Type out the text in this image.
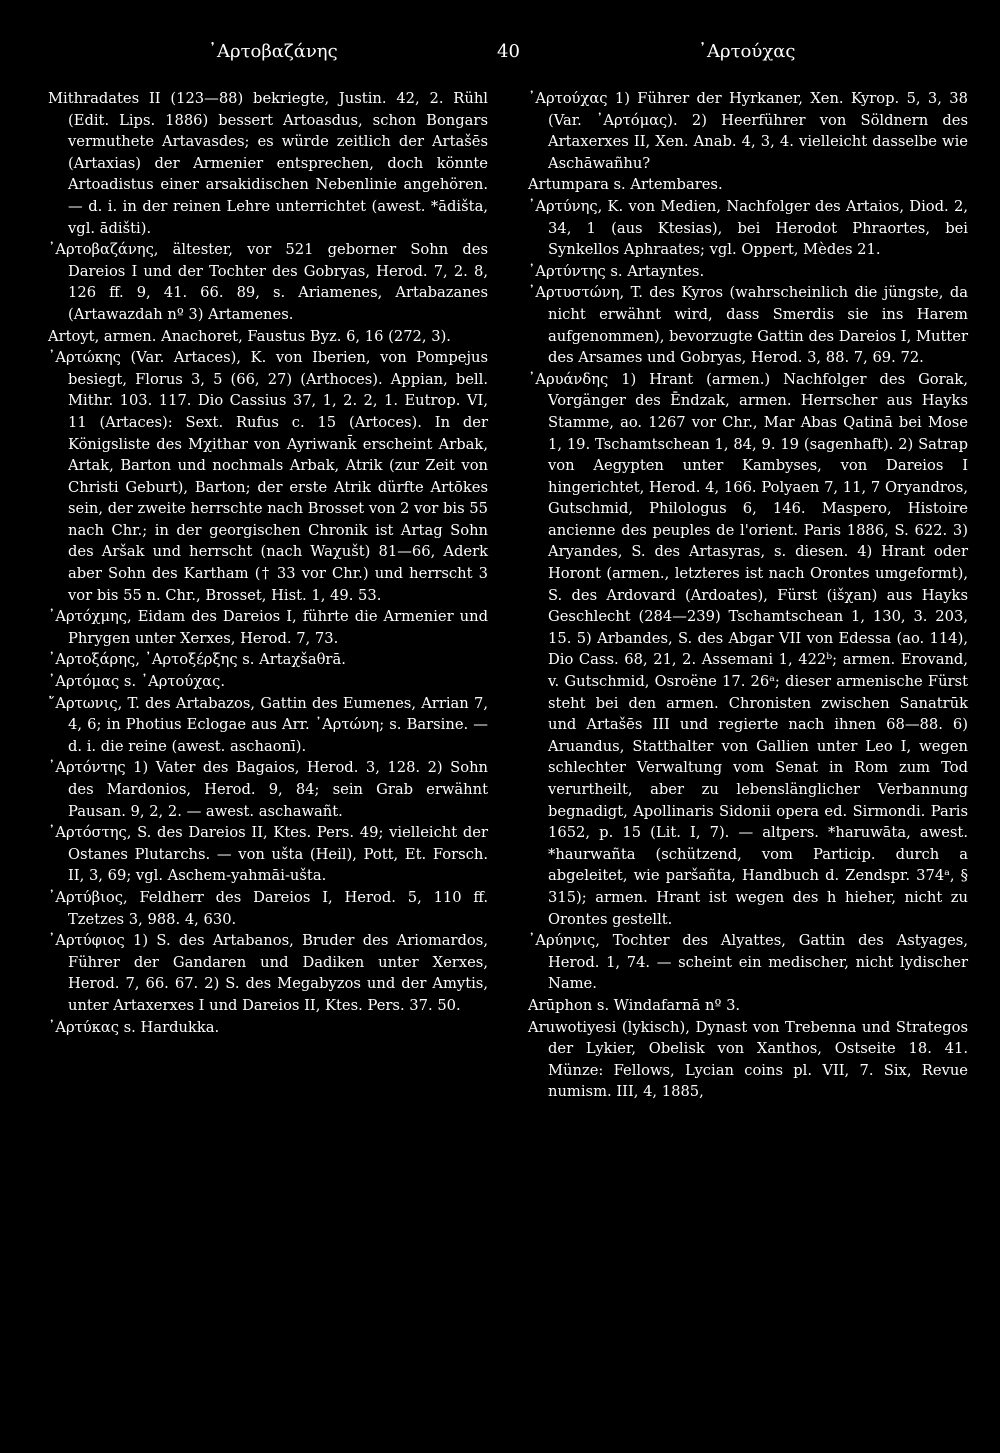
᾿Αρτοβαζάνης	40	᾿Αρτούχας

Mithradates II (123—88) bekriegte, Justin. 42, 2. Rühl (Edit. Lips. 1886) bessert Artoasdus, schon Bongars vermuthete Artavasdes; es würde zeitlich der Artašēs (Artaxias) der Armenier entsprechen, doch könnte Artoadistus einer arsakidischen Nebenlinie angehören. — d. i. in der reinen Lehre unterrichtet (awest. *ādišta, vgl. ādišti).

᾿Αρτοβαζάνης, ältester, vor 521 geborner Sohn des Dareios I und der Tochter des Gobryas, Herod. 7, 2. 8, 126 ff. 9, 41. 66. 89, s. Ariamenes, Artabazanes (Artawazdah nº 3) Artamenes.

Artoyt, armen. Anachoret, Faustus Byz. 6, 16 (272, 3).

᾿Αρτώκης (Var. Artaces), K. von Iberien, von Pompejus besiegt, Florus 3, 5 (66, 27) (Arthoces). Appian, bell. Mithr. 103. 117. Dio Cassius 37, 1, 2. 2, 1. Eutrop. VI, 11 (Artaces): Sext. Rufus c. 15 (Artoces). In der Königsliste des Mχithar von Ayriwank̄ erscheint Arbak, Artak, Barton und nochmals Arbak, Atrik (zur Zeit von Christi Geburt), Barton; der erste Atrik dürfte Artōkes sein, der zweite herrschte nach Brosset von 2 vor bis 55 nach Chr.; in der georgischen Chronik ist Artag Sohn des Aršak und herrscht (nach Waχušt) 81—66, Aderk aber Sohn des Kartham († 33 vor Chr.) und herrscht 3 vor bis 55 n. Chr., Brosset, Hist. 1, 49. 53.

᾿Αρτόχμης, Eidam des Dareios I, führte die Armenier und Phrygen unter Xerxes, Herod. 7, 73.

᾿Αρτοξάρης, ᾿Αρτοξέρξης s. Artaχšaθrā.

᾿Αρτόμας s. ᾿Αρτούχας.

῎Αρτωνις, T. des Artabazos, Gattin des Eumenes, Arrian 7, 4, 6; in Photius Eclogae aus Arr. ᾿Αρτώνη; s. Barsine. — d. i. die reine (awest. aschaonī).

᾿Αρτόντης 1) Vater des Bagaios, Herod. 3, 128. 2) Sohn des Mardonios, Herod. 9, 84; sein Grab erwähnt Pausan. 9, 2, 2. — awest. aschawañt.

᾿Αρτόστης, S. des Dareios II, Ktes. Pers. 49; vielleicht der Ostanes Plutarchs. — von ušta (Heil), Pott, Et. Forsch. II, 3, 69; vgl. Aschem-yahmāi-ušta.

᾿Αρτύβιος, Feldherr des Dareios I, Herod. 5, 110 ff. Tzetzes 3, 988. 4, 630.

᾿Αρτύφιος 1) S. des Artabanos, Bruder des Ariomardos, Führer der Gandaren und Dadiken unter Xerxes, Herod. 7, 66. 67. 2) S. des Megabyzos und der Amytis, unter Artaxerxes I und Dareios II, Ktes. Pers. 37. 50.

᾿Αρτύκας s. Hardukka.

᾿Αρτούχας 1) Führer der Hyrkaner, Xen. Kyrop. 5, 3, 38 (Var. ᾿Αρτόμας). 2) Heerführer von Söldnern des Artaxerxes II, Xen. Anab. 4, 3, 4. vielleicht dasselbe wie Aschāwañhu?

Artumpara s. Artembares.

᾿Αρτύνης, K. von Medien, Nachfolger des Artaios, Diod. 2, 34, 1 (aus Ktesias), bei Herodot Phraortes, bei Synkellos Aphraates; vgl. Oppert, Mèdes 21.

᾿Αρτύντης s. Artayntes.

᾿Αρτυστώνη, T. des Kyros (wahrscheinlich die jüngste, da nicht erwähnt wird, dass Smerdis sie ins Harem aufgenommen), bevorzugte Gattin des Dareios I, Mutter des Arsames und Gobryas, Herod. 3, 88. 7, 69. 72.

᾿Αρυάνδης 1) Hrant (armen.) Nachfolger des Gorak, Vorgänger des Ēndzak, armen. Herrscher aus Hayks Stamme, ao. 1267 vor Chr., Mar Abas Qatinā bei Mose 1, 19. Tschamtschean 1, 84, 9. 19 (sagenhaft). 2) Satrap von Aegypten unter Kambyses, von Dareios I hingerichtet, Herod. 4, 166. Polyaen 7, 11, 7 Oryandros, Gutschmid, Philologus 6, 146. Maspero, Histoire ancienne des peuples de l'orient. Paris 1886, S. 622. 3) Aryandes, S. des Artasyras, s. diesen. 4) Hrant oder Horont (armen., letzteres ist nach Orontes umgeformt), S. des Ardovard (Ardoates), Fürst (išχan) aus Hayks Geschlecht (284—239) Tschamtschean 1, 130, 3. 203, 15. 5) Arbandes, S. des Abgar VII von Edessa (ao. 114), Dio Cass. 68, 21, 2. Assemani 1, 422ᵇ; armen. Erovand, v. Gutschmid, Osroëne 17. 26ᵃ; dieser armenische Fürst steht bei den armen. Chronisten zwischen Sanatrūk und Artašēs III und regierte nach ihnen 68—88. 6) Aruandus, Statthalter von Gallien unter Leo I, wegen schlechter Verwaltung vom Senat in Rom zum Tod verurtheilt, aber zu lebenslänglicher Verbannung begnadigt, Apollinaris Sidonii opera ed. Sirmondi. Paris 1652, p. 15 (Lit. I, 7). — altpers. *haruwāta, awest. *haurwañta (schützend, vom Particip. durch a abgeleitet, wie paršañta, Handbuch d. Zendspr. 374ᵃ, § 315); armen. Hrant ist wegen des h hieher, nicht zu Orontes gestellt.

᾿Αρύηνις, Tochter des Alyattes, Gattin des Astyages, Herod. 1, 74. — scheint ein medischer, nicht lydischer Name.

Arūphon s. Windafarnā nº 3.

Aruwotiyesi (lykisch), Dynast von Trebenna und Strategos der Lykier, Obelisk von Xanthos, Ostseite 18. 41. Münze: Fellows, Lycian coins pl. VII, 7. Six, Revue numism. III, 4, 1885,
